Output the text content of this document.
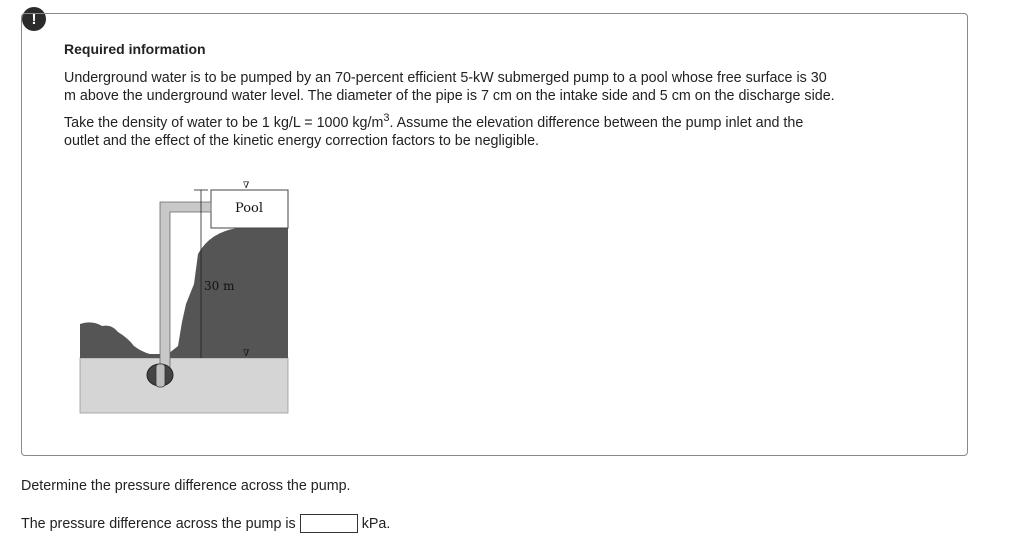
!
Required information

Underground water is to be pumped by an 70-percent efficient 5-kW submerged pump to a pool whose free surface is 30

m above the underground water level. The diameter of the pipe is 7 cm on the intake side and 5 cm on the discharge side.

Take the density of water to be 1 kg/L = 1000 $kg/m^3$. Assume the elevation difference between the pump inlet and the

outlet and the effect of the kinetic energy correction factors to be negligible.

Pool
∇
30 m
∇
Determine the pressure difference across the pump.
The pressure difference across the pump is	kPa.
